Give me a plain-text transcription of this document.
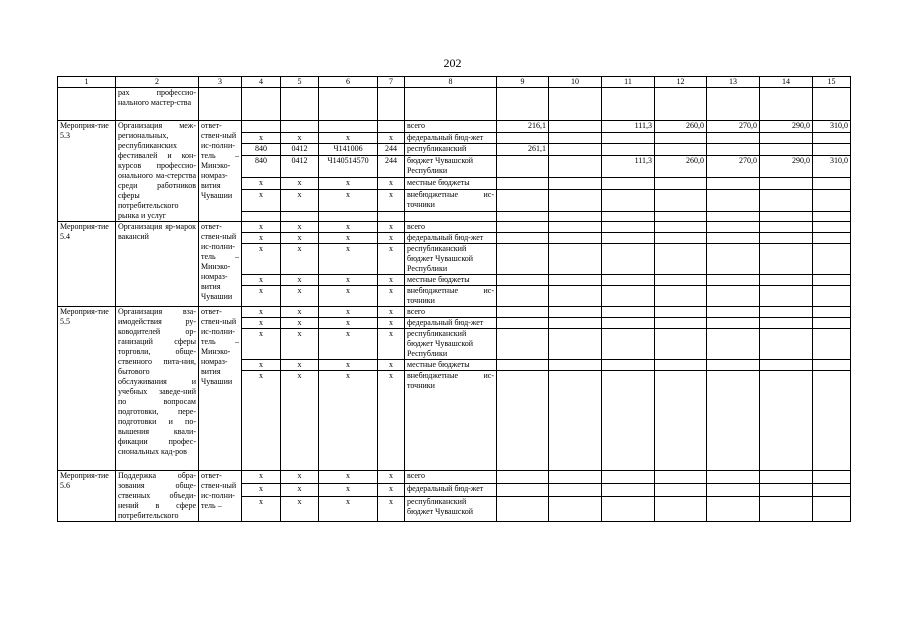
202
1	2	3	4	5	6	7	8	9	10	11	12	13	14	15
	рах профессио-нального мастер-ства													
Мероприя-тие 5.3	Организация меж-региональных, республиканских фестивалей и кон-курсов профессио-онального ма-стерства среди работников сферы потребительского рынка и услуг	ответ-ствен-ный ис-полни-тель – Минэко-номраз-вития Чувашии					всего	216,1		111,3	260,0	270,0	290,0	310,0
			x	x	x	x	федеральный бюд-жет							
			840	0412	Ч141006	244	республиканский	261,1						
			840	0412	Ч140514570	244	бюджет Чувашской Республики			111,3	260,0	270,0	290,0	310,0
			x	x	x	x	местные бюджеты							
			x	x	x	x	внебюджетные ис-точники							

Мероприя-тие 5.4	Организация яр-марок вакансий	ответ-ствен-ный ис-полни-тель – Минэко-номраз-вития Чувашии	x	x	x	x	всего							
			x	x	x	x	федеральный бюд-жет							
			x	x	x	x	республиканский бюджет Чувашской Республики							
			x	x	x	x	местные бюджеты							
			x	x	x	x	внебюджетные ис-точники							
Мероприя-тие 5.5	Организация вза-имодействия ру-ководителей ор-ганизаций сферы торговли, обще-ственного пита-ния, бытового обслуживания и учебных заведе-ний по вопросам подготовки, пере-подготовки и по-вышения квали-фикации профес-сиональных кад-ров	ответ-ствен-ный ис-полни-тель – Минэко-номраз-вития Чувашии	x	x	x	x	всего							
			x	x	x	x	федеральный бюд-жет							
			x	x	x	x	республиканский бюджет Чувашской Республики							
			x	x	x	x	местные бюджеты							
			x	x	x	x	внебюджетные ис-точники							
Мероприя-тие 5.6	Поддержка обра-зования обще-ственных объеди-нений в сфере потребительского	ответ-ствен-ный ис-полни-тель –	x	x	x	x	всего							
			x	x	x	x	федеральный бюд-жет							
			x	x	x	x	республиканский бюджет Чувашской							
